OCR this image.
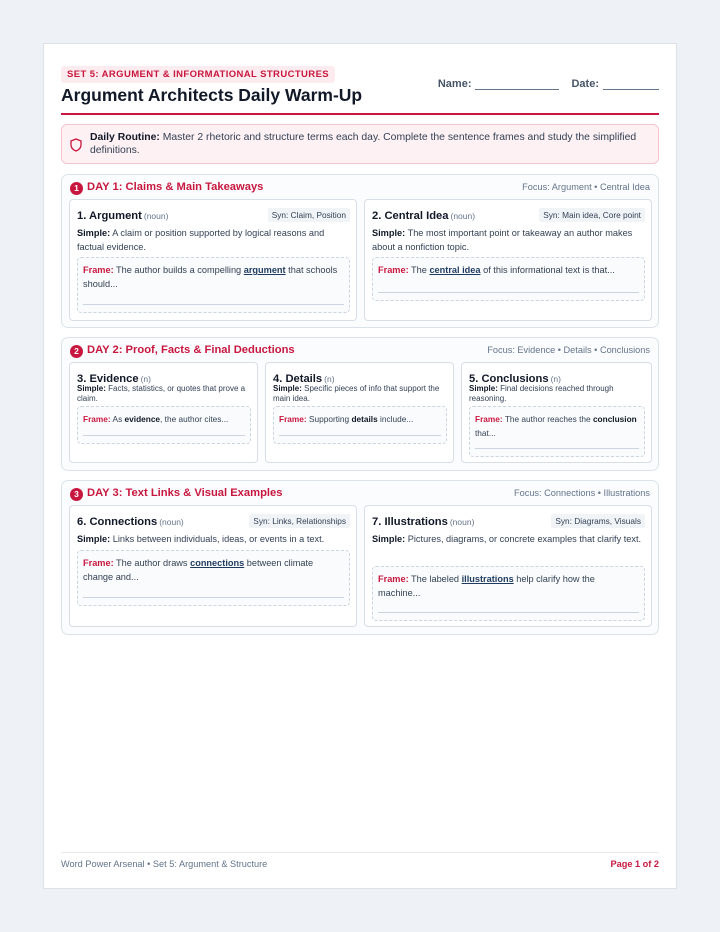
SET 5: ARGUMENT & INFORMATIONAL STRUCTURES
Argument Architects Daily Warm-Up
Name:	Date:
Daily Routine: Master 2 rhetoric and structure terms each day. Complete the sentence frames and study the simplified definitions.
1 DAY 1: Claims & Main Takeaways	Focus: Argument • Central Idea
1. Argument (noun)	Syn: Claim, Position
Simple: A claim or position supported by logical reasons and factual evidence.
Frame: The author builds a compelling argument that schools should...
2. Central Idea (noun)	Syn: Main idea, Core point
Simple: The most important point or takeaway an author makes about a nonfiction topic.
Frame: The central idea of this informational text is that...
2 DAY 2: Proof, Facts & Final Deductions	Focus: Evidence • Details • Conclusions
3. Evidence (n)
Simple: Facts, statistics, or quotes that prove a claim.
Frame: As evidence, the author cites...
4. Details (n)
Simple: Specific pieces of info that support the main idea.
Frame: Supporting details include...
5. Conclusions (n)
Simple: Final decisions reached through reasoning.
Frame: The author reaches the conclusion that...
3 DAY 3: Text Links & Visual Examples	Focus: Connections • Illustrations
6. Connections (noun)	Syn: Links, Relationships
Simple: Links between individuals, ideas, or events in a text.
Frame: The author draws connections between climate change and...
7. Illustrations (noun)	Syn: Diagrams, Visuals
Simple: Pictures, diagrams, or concrete examples that clarify text.
Frame: The labeled illustrations help clarify how the machine...
Word Power Arsenal • Set 5: Argument & Structure	Page 1 of 2
